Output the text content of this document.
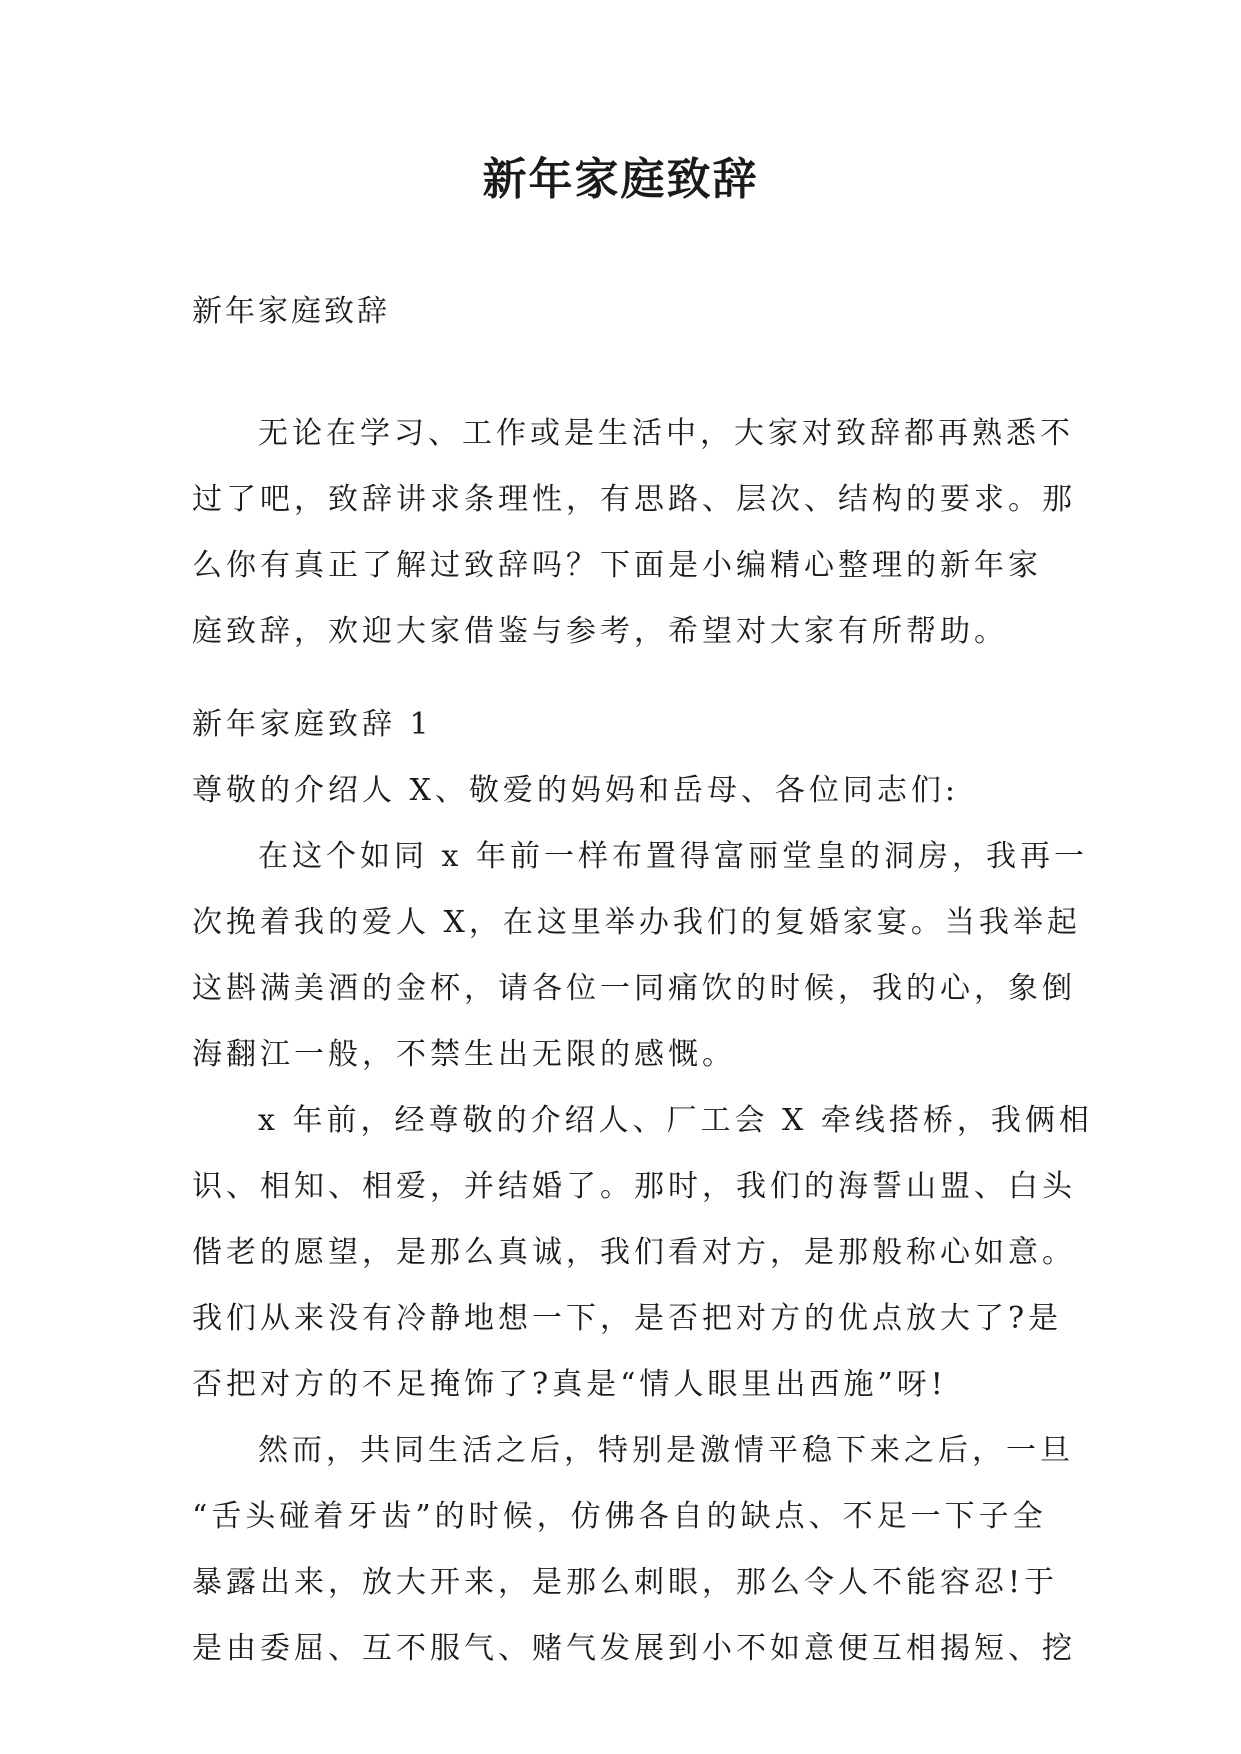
新年家庭致辞

新年家庭致辞

无论在学习、工作或是生活中，大家对致辞都再熟悉不
过了吧，致辞讲求条理性，有思路、层次、结构的要求。那
么你有真正了解过致辞吗？下面是小编精心整理的新年家
庭致辞，欢迎大家借鉴与参考，希望对大家有所帮助。
新年家庭致辞 1
尊敬的介绍人 X、敬爱的妈妈和岳母、各位同志们:
在这个如同 x 年前一样布置得富丽堂皇的洞房，我再一
次挽着我的爱人 X，在这里举办我们的复婚家宴。当我举起
这斟满美酒的金杯，请各位一同痛饮的时候，我的心，象倒
海翻江一般，不禁生出无限的感慨。
x 年前，经尊敬的介绍人、厂工会 X 牵线搭桥，我俩相
识、相知、相爱，并结婚了。那时，我们的海誓山盟、白头
偕老的愿望，是那么真诚，我们看对方，是那般称心如意。
我们从来没有冷静地想一下，是否把对方的优点放大了?是
否把对方的不足掩饰了?真是“情人眼里出西施”呀!
然而，共同生活之后，特别是激情平稳下来之后，一旦
“舌头碰着牙齿”的时候，仿佛各自的缺点、不足一下子全
暴露出来，放大开来，是那么刺眼，那么令人不能容忍!于
是由委屈、互不服气、赌气发展到小不如意便互相揭短、挖
